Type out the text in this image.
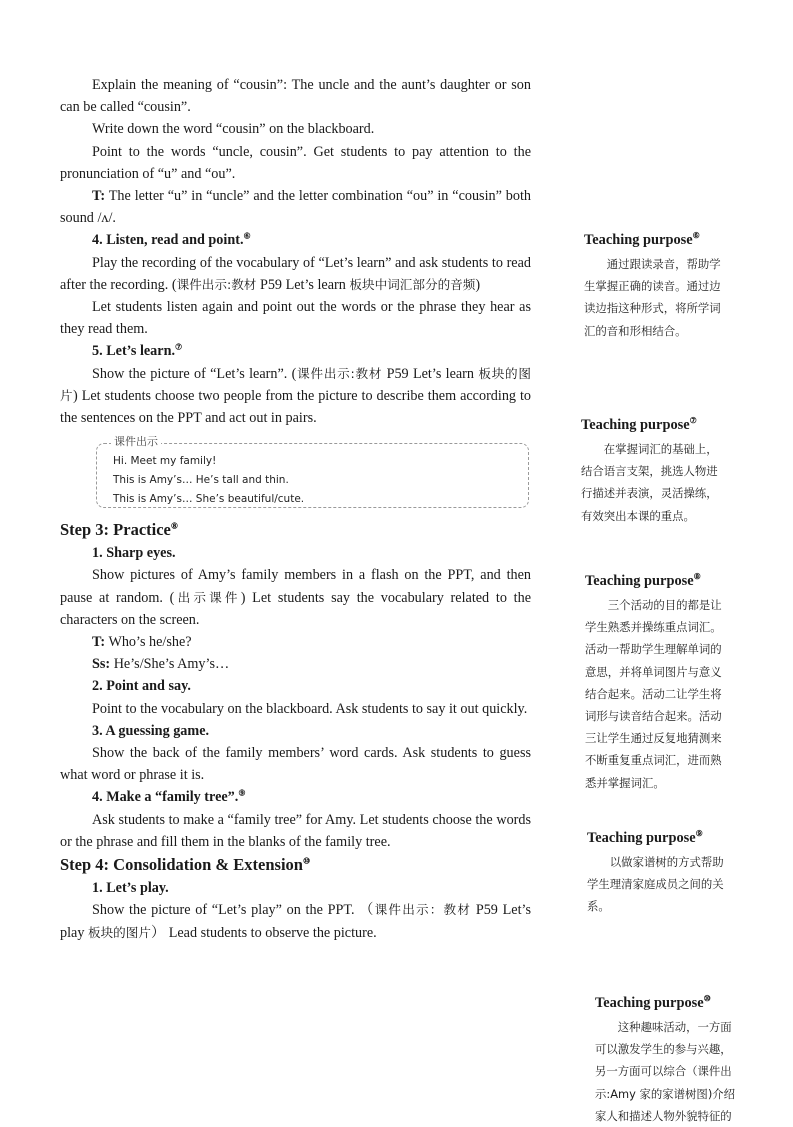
Explain the meaning of “cousin”: The uncle and the aunt’s daughter or son can be called “cousin”.

Write down the word “cousin” on the blackboard.

Point to the words “uncle, cousin”. Get students to pay attention to the pronunciation of “u” and “ou”.

T: The letter “u” in “uncle” and the letter combination “ou” in “cousin” both sound /ʌ/.

4. Listen, read and point.⑥

Play the recording of the vocabulary of “Let’s learn” and ask students to read after the recording. (课件出示:教材 P59 Let’s learn 板块中词汇部分的音频)

Let students listen again and point out the words or the phrase they hear as they read them.

5. Let’s learn.⑦

Show the picture of “Let’s learn”. (课件出示:教材 P59 Let’s learn 板块的图片) Let students choose two people from the picture to describe them according to the sentences on the PPT and act out in pairs.

课件出示
Hi. Meet my family!
This is Amy’s… He’s tall and thin.
This is Amy’s… She’s beautiful/cute.

Step 3: Practice⑧

1. Sharp eyes.

Show pictures of Amy’s family members in a flash on the PPT, and then pause at random. (出示课件) Let students say the vocabulary related to the characters on the screen.

T: Who’s he/she?

Ss: He’s/She’s Amy’s…

2. Point and say.

Point to the vocabulary on the blackboard. Ask students to say it out quickly.

3. A guessing game.

Show the back of the family members’ word cards. Ask students to guess what word or phrase it is.

4. Make a “family tree”.⑨

Ask students to make a “family tree” for Amy. Let students choose the words or the phrase and fill them in the blanks of the family tree.

Step 4: Consolidation & Extension⑩

1. Let’s play.

Show the picture of “Let’s play” on the PPT. （课件出示：教材 P59 Let’s play 板块的图片） Lead students to observe the picture.

Teaching purpose⑥
　　通过跟读录音，帮助学
生掌握正确的读音。通过边
读边指这种形式，将所学词
汇的音和形相结合。
Teaching purpose⑦
　　在掌握词汇的基础上，
结合语言支架，挑选人物进
行描述并表演，灵活操练，
有效突出本课的重点。
Teaching purpose⑧
　　三个活动的目的都是让
学生熟悉并操练重点词汇。
活动一帮助学生理解单词的
意思，并将单词图片与意义
结合起来。活动二让学生将
词形与读音结合起来。活动
三让学生通过反复地猜测来
不断重复重点词汇，进而熟
悉并掌握词汇。
Teaching purpose⑨
　　以做家谱树的方式帮助
学生理清家庭成员之间的关
系。
Teaching purpose⑩
　　这种趣味活动，一方面
可以激发学生的参与兴趣，
另一方面可以综合（课件出
示:Amy 家的家谱树图)介绍
家人和描述人物外貌特征的
